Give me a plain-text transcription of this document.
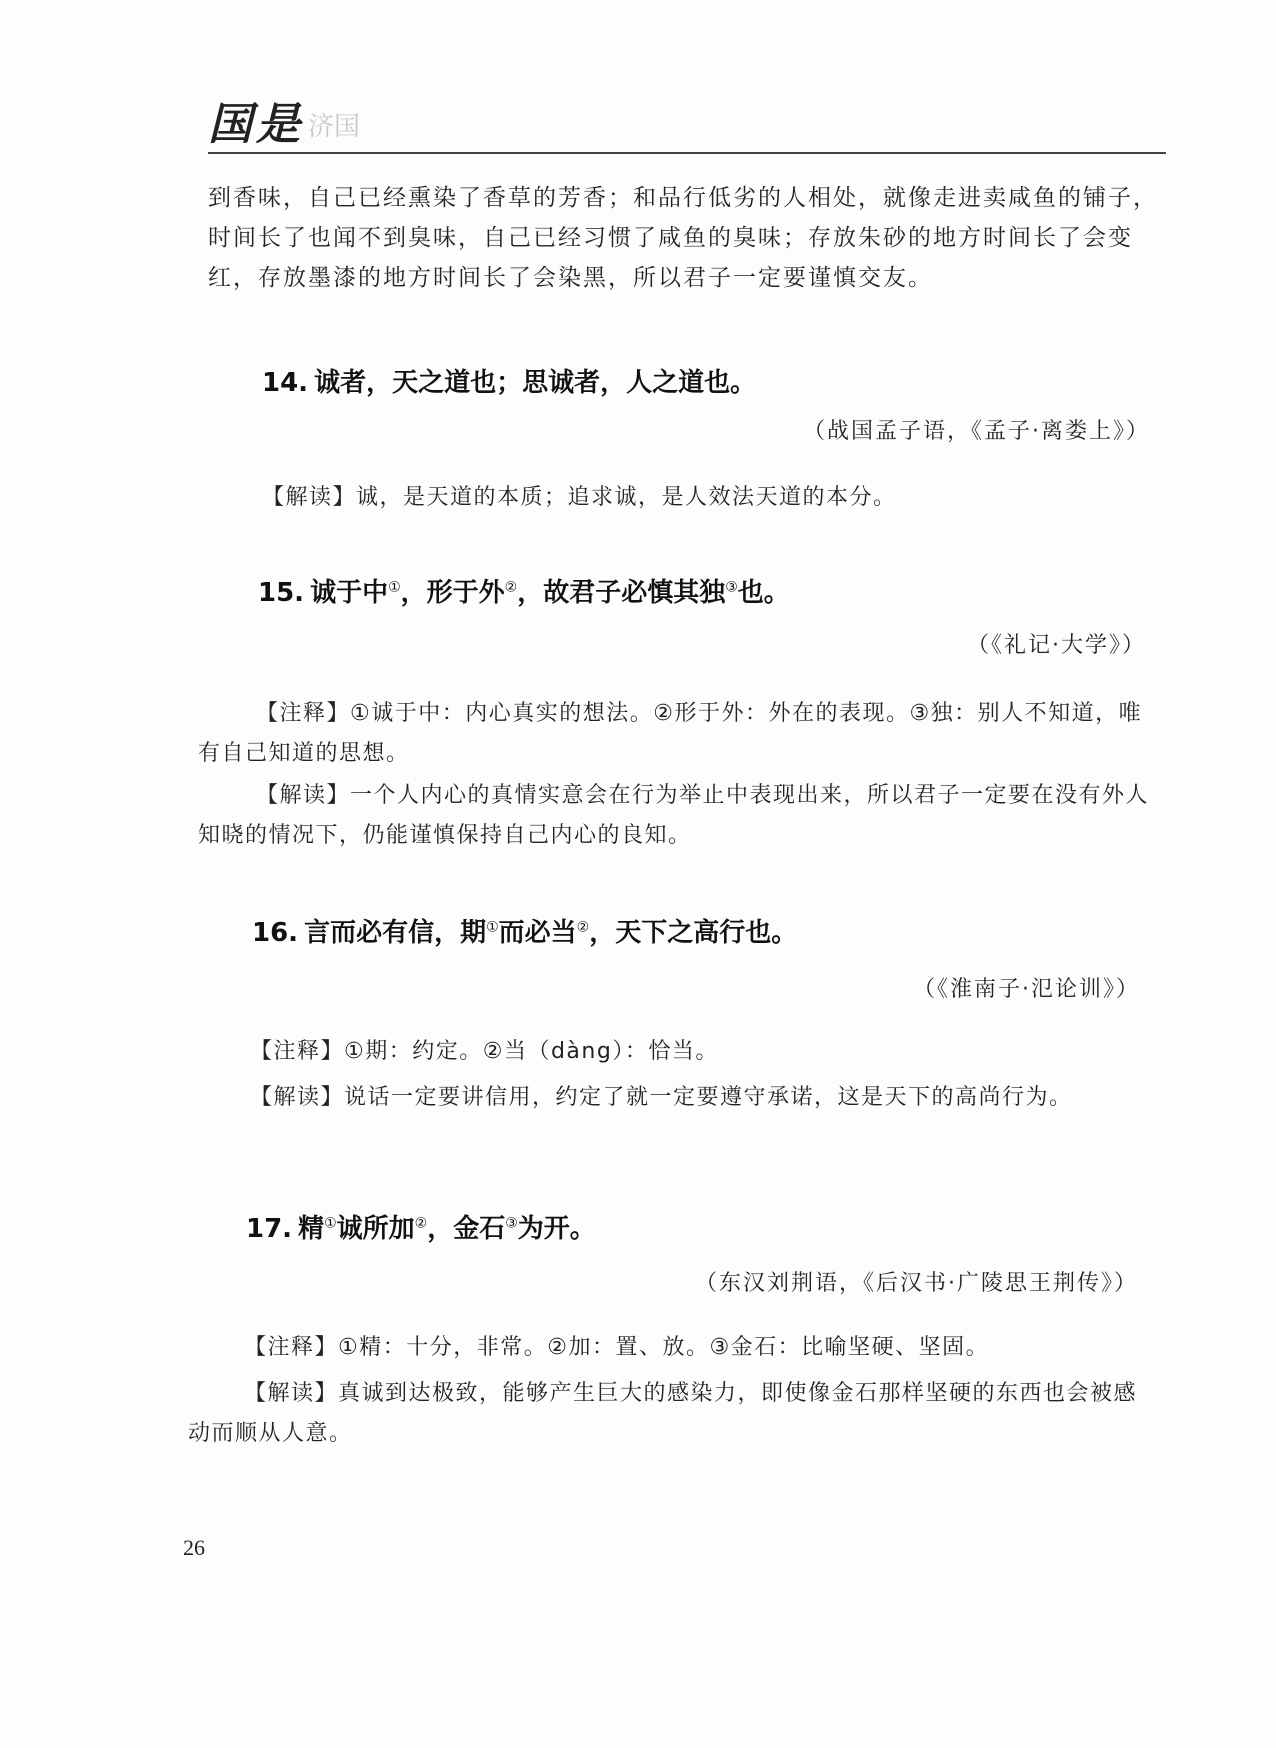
国是 济国
到香味，自己已经熏染了香草的芳香；和品行低劣的人相处，就像走进卖咸鱼的铺子，时间长了也闻不到臭味，自己已经习惯了咸鱼的臭味；存放朱砂的地方时间长了会变红，存放墨漆的地方时间长了会染黑，所以君子一定要谨慎交友。
14. 诚者，天之道也；思诚者，人之道也。
（战国孟子语，《孟子·离娄上》）
【解读】诚，是天道的本质；追求诚，是人效法天道的本分。
15. 诚于中①，形于外②，故君子必慎其独③也。
（《礼记·大学》）
【注释】①诚于中：内心真实的想法。②形于外：外在的表现。③独：别人不知道，唯有自己知道的思想。
【解读】一个人内心的真情实意会在行为举止中表现出来，所以君子一定要在没有外人知晓的情况下，仍能谨慎保持自己内心的良知。
16. 言而必有信，期①而必当②，天下之高行也。
（《淮南子·氾论训》）
【注释】①期：约定。②当（dàng）：恰当。
【解读】说话一定要讲信用，约定了就一定要遵守承诺，这是天下的高尚行为。
17. 精①诚所加②，金石③为开。
（东汉刘荆语，《后汉书·广陵思王荆传》）
【注释】①精：十分，非常。②加：置、放。③金石：比喻坚硬、坚固。
【解读】真诚到达极致，能够产生巨大的感染力，即使像金石那样坚硬的东西也会被感动而顺从人意。
26
